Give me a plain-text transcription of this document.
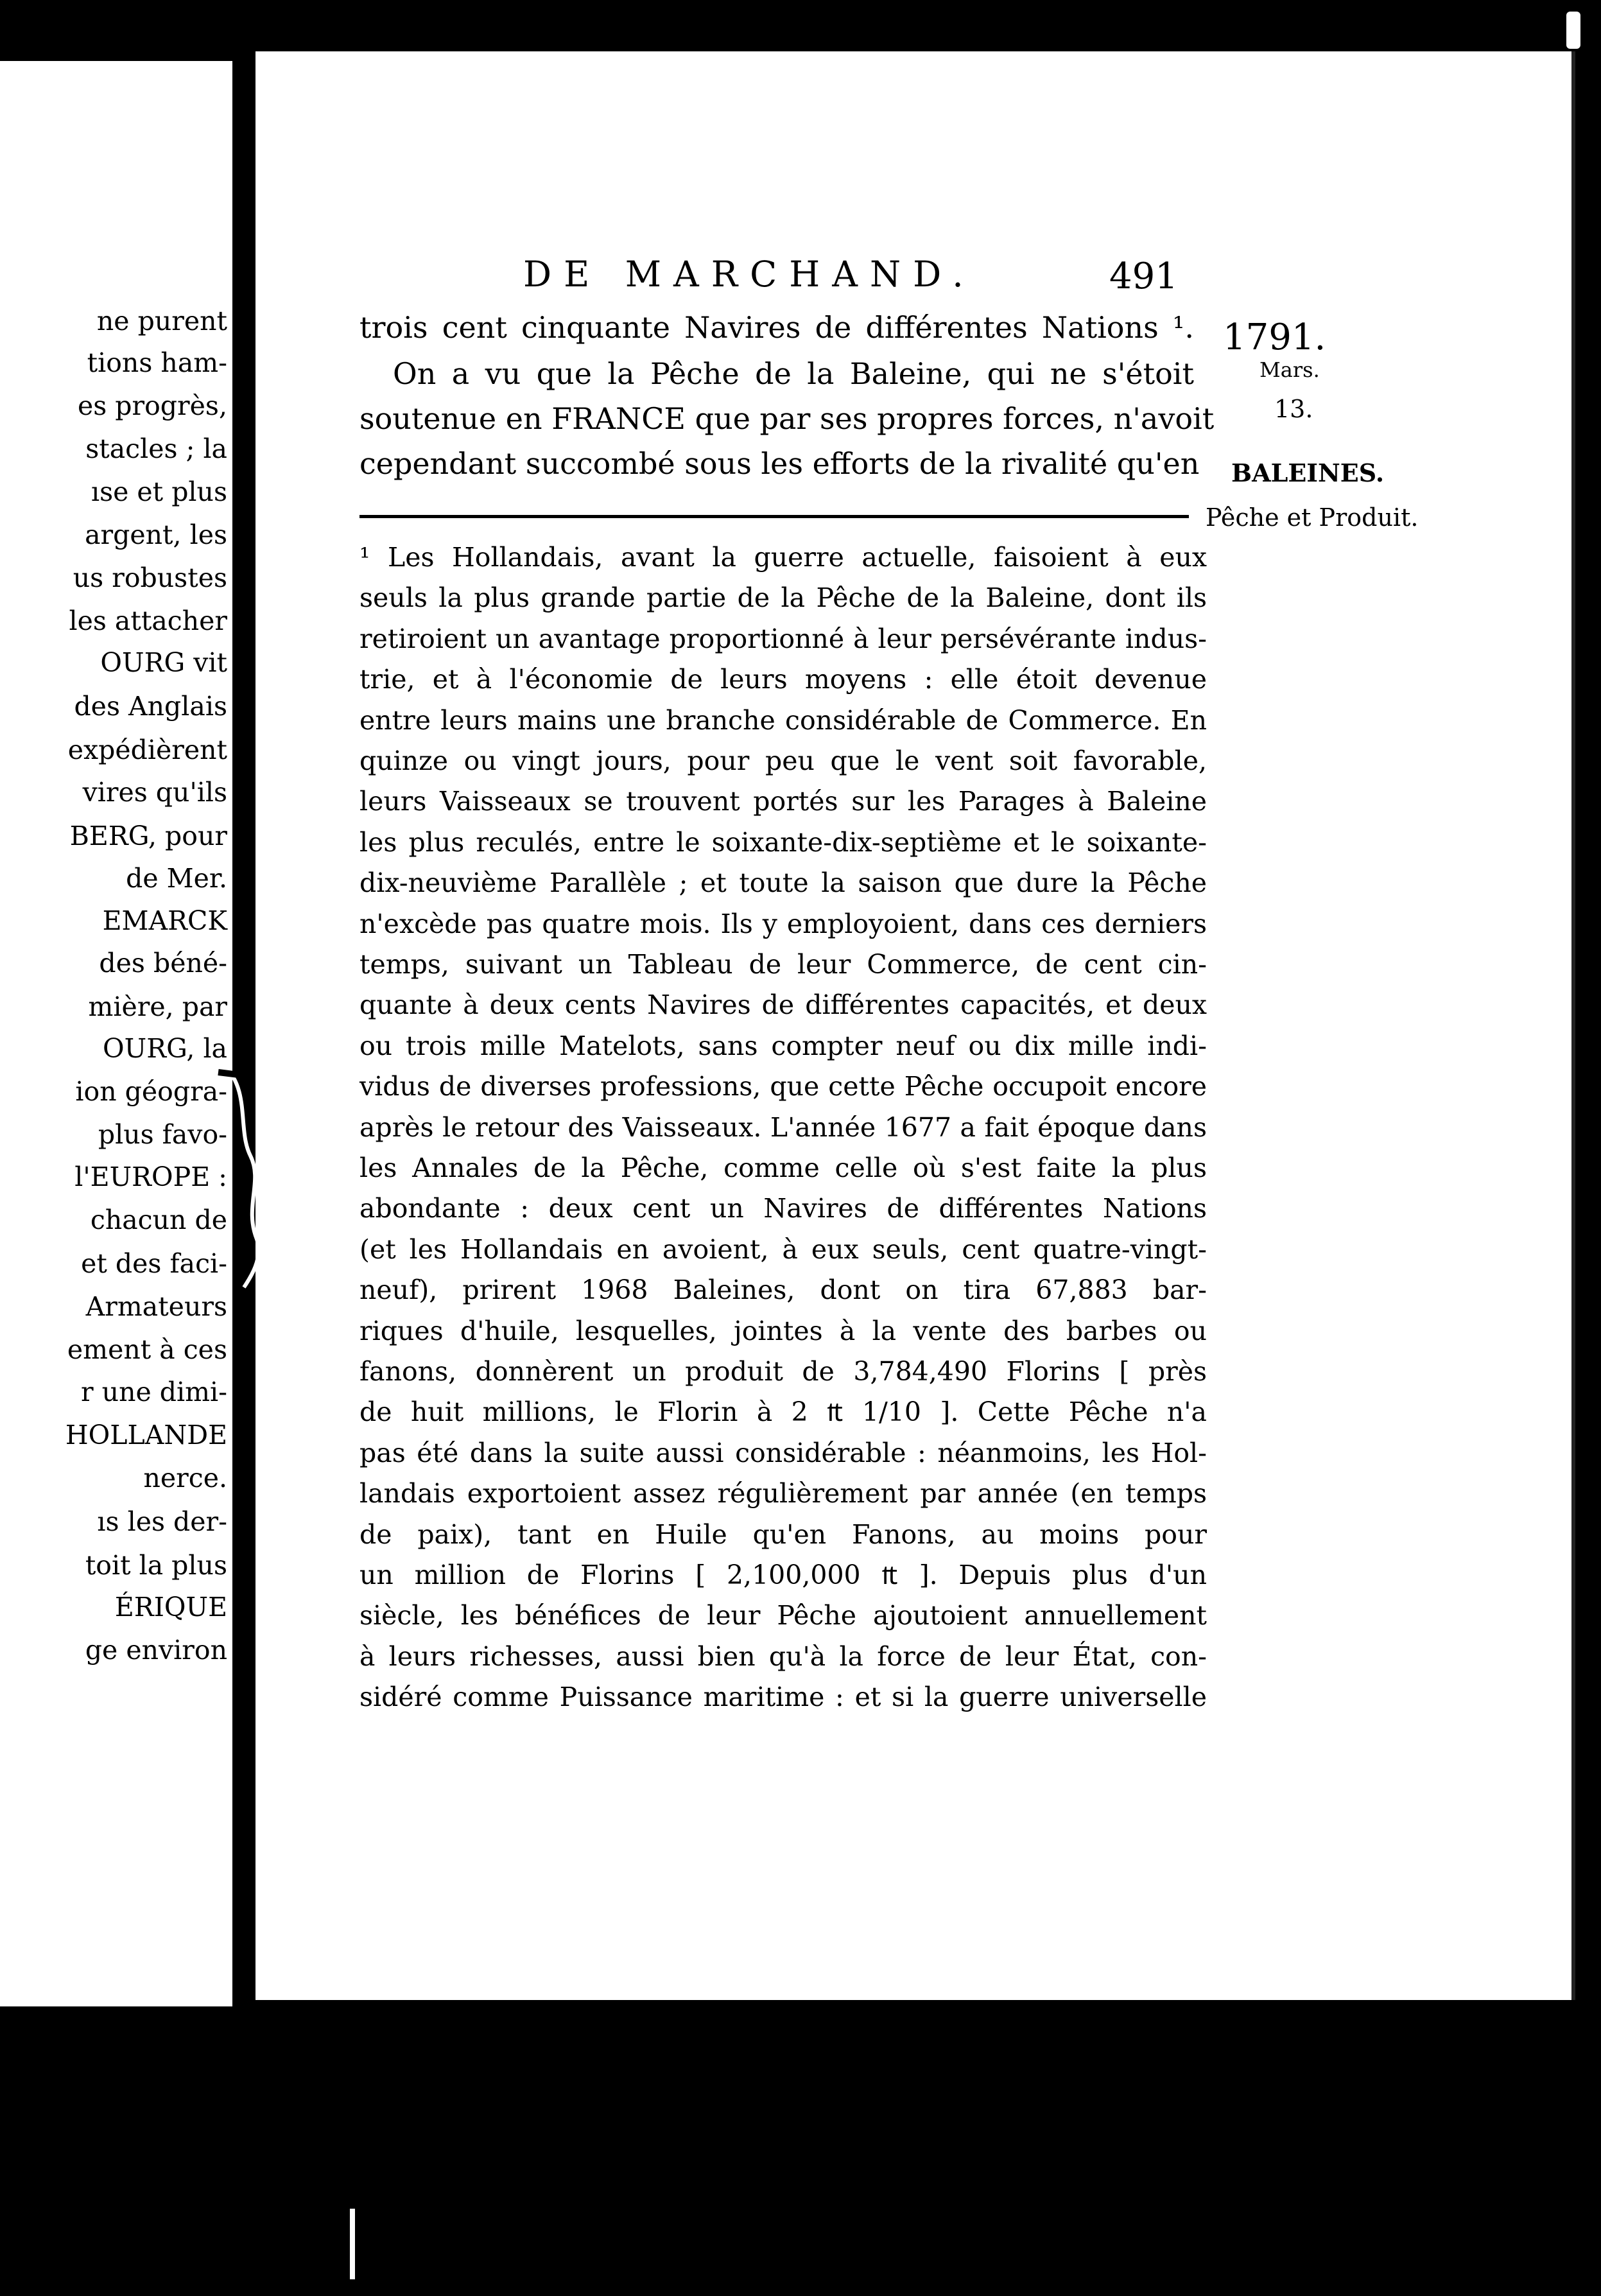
ne purent
tions ham-
es progrès,
stacles ; la
ıse et plus
argent, les
us robustes
les attacher
OURG vit
des Anglais
expédièrent
vires qu'ils
BERG, pour
de Mer.
EMARCK
des béné-
mière, par
OURG, la
ion géogra-
plus favo-
l'EUROPE :
chacun de
et des faci-
Armateurs
ement à ces
r une dimi-
HOLLANDE
nerce.
ıs les der-
toit la plus
ÉRIQUE
ge environ
DE MARCHAND.	491
trois cent cinquante Navires de différentes Nations ¹.
On a vu que la Pêche de la Baleine, qui ne s'étoit
soutenue en FRANCE que par ses propres forces, n'avoit
cependant succombé sous les efforts de la rivalité qu'en
¹ Les Hollandais, avant la guerre actuelle, faisoient à eux
seuls la plus grande partie de la Pêche de la Baleine, dont ils
retiroient un avantage proportionné à leur persévérante indus-
trie, et à l'économie de leurs moyens : elle étoit devenue
entre leurs mains une branche considérable de Commerce. En
quinze ou vingt jours, pour peu que le vent soit favorable,
leurs Vaisseaux se trouvent portés sur les Parages à Baleine
les plus reculés, entre le soixante-dix-septième et le soixante-
dix-neuvième Parallèle ; et toute la saison que dure la Pêche
n'excède pas quatre mois. Ils y employoient, dans ces derniers
temps, suivant un Tableau de leur Commerce, de cent cin-
quante à deux cents Navires de différentes capacités, et deux
ou trois mille Matelots, sans compter neuf ou dix mille indi-
vidus de diverses professions, que cette Pêche occupoit encore
après le retour des Vaisseaux. L'année 1677 a fait époque dans
les Annales de la Pêche, comme celle où s'est faite la plus
abondante : deux cent un Navires de différentes Nations
(et les Hollandais en avoient, à eux seuls, cent quatre-vingt-
neuf), prirent 1968 Baleines, dont on tira 67,883 bar-
riques d'huile, lesquelles, jointes à la vente des barbes ou
fanons, donnèrent un produit de 3,784,490 Florins [ près
de huit millions, le Florin à 2 ₶ 1/10 ]. Cette Pêche n'a
pas été dans la suite aussi considérable : néanmoins, les Hol-
landais exportoient assez régulièrement par année (en temps
de paix), tant en Huile qu'en Fanons, au moins pour
un million de Florins [ 2,100,000 ₶ ]. Depuis plus d'un
siècle, les bénéfices de leur Pêche ajoutoient annuellement
à leurs richesses, aussi bien qu'à la force de leur État, con-
sidéré comme Puissance maritime : et si la guerre universelle
1791.
Mars.
13.
BALEINES.
Pêche et Produit.
